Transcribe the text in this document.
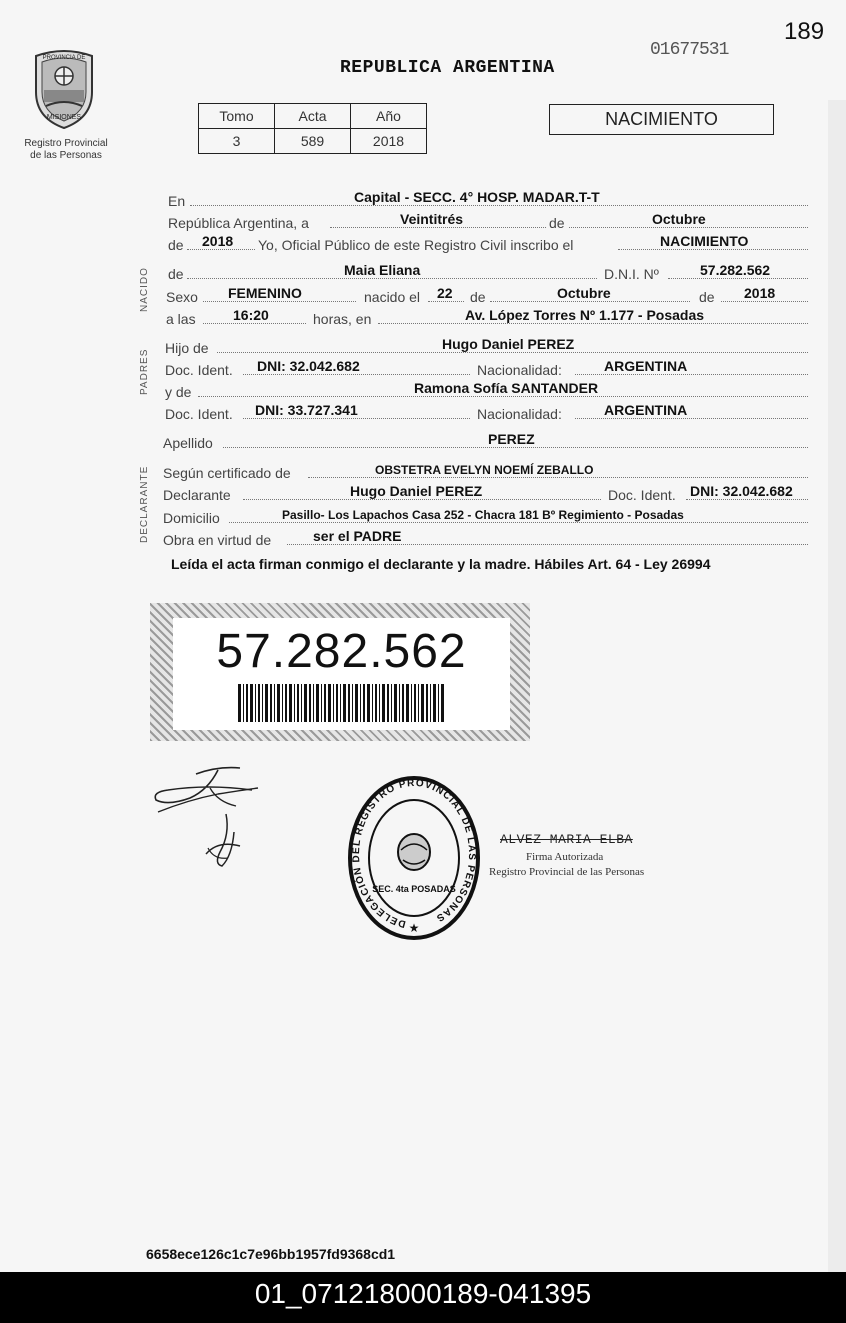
189
01677531
REPUBLICA ARGENTINA
PROVINCIA DE
MISIONES
Registro Provincial
de las Personas
Tomo	Acta	Año
3	589	2018
NACIMIENTO
En	Capital - SECC. 4° HOSP. MADAR.T-T
República Argentina, a	Veintitrés	de	Octubre
de 2018 Yo, Oficial Público de este Registro Civil inscribo el	NACIMIENTO
NACIDO
PADRES
DECLARANTE
de	Maia Eliana	D.N.I. Nº	57.282.562
Sexo FEMENINO	nacido el 22 de	Octubre	de 2018
a las	16:20	horas, en	Av. López Torres Nº 1.177 - Posadas
Hijo de	Hugo Daniel PEREZ
Doc. Ident. DNI: 32.042.682	Nacionalidad:	ARGENTINA
y de	Ramona Sofía SANTANDER
Doc. Ident. DNI: 33.727.341	Nacionalidad:	ARGENTINA
Apellido	PEREZ
Según certificado de	OBSTETRA EVELYN NOEMÍ ZEBALLO
Declarante	Hugo Daniel PEREZ	Doc. Ident. DNI: 32.042.682
Domicilio	Pasillo- Los Lapachos Casa 252 - Chacra 181 Bº Regimiento - Posadas
Obra en virtud de	ser el PADRE
Leída el acta firman conmigo el declarante y la madre. Hábiles Art. 64 - Ley 26994
57.282.562
DELEGACIÓN DEL REGISTRO PROVINCIAL DE LAS PERSONAS
SEC. 4ta POSADAS
★
ALVEZ MARIA ELBA
Firma Autorizada
Registro Provincial de las Personas
6658ece126c1c7e96bb1957fd9368cd1
01_071218000189-041395
